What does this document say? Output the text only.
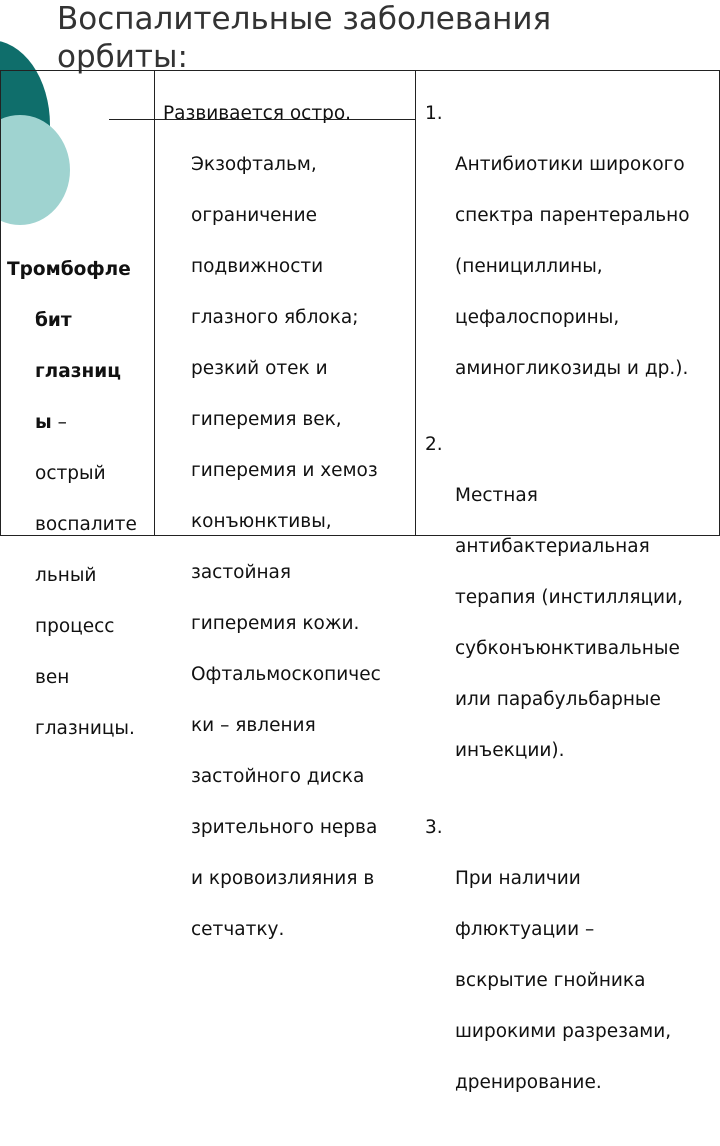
Воспалительные заболевания
орбиты:

Тромбофле

бит

глазниц

ы –

острый

воспалите

льный

процесс

вен

глазницы.

Развивается остро.

Экзофтальм,

ограничение

подвижности

глазного яблока;

резкий отек и

гиперемия век,

гиперемия и хемоз

конъюнктивы,

застойная

гиперемия кожи.

Офтальмоскопичес

ки – явления

застойного диска

зрительного нерва

и кровоизлияния в

сетчатку.

1.

Антибиотики широкого

спектра парентерально

(пенициллины,

цефалоспорины,

аминогликозиды и др.).

2.

Местная

антибактериальная

терапия (инстилляции,

субконъюнктивальные

или парабульбарные

инъекции).

3.

При наличии

флюктуации –

вскрытие гнойника

широкими разрезами,

дренирование.
